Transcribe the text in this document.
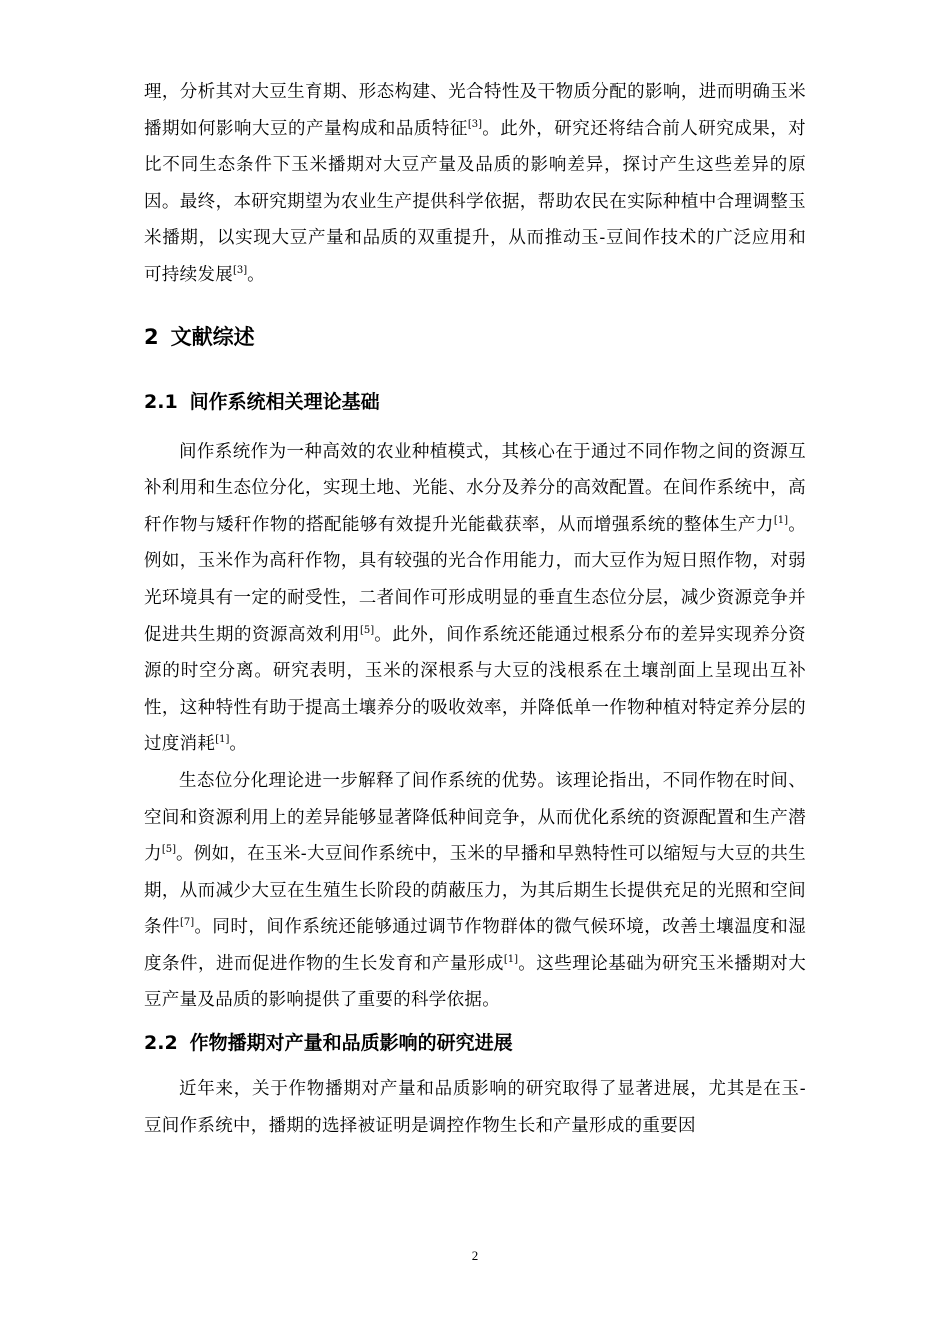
理，分析其对大豆生育期、形态构建、光合特性及干物质分配的影响，进而明确玉米播期如何影响大豆的产量构成和品质特征[3]。此外，研究还将结合前人研究成果，对比不同生态条件下玉米播期对大豆产量及品质的影响差异，探讨产生这些差异的原因。最终，本研究期望为农业生产提供科学依据，帮助农民在实际种植中合理调整玉米播期，以实现大豆产量和品质的双重提升，从而推动玉-豆间作技术的广泛应用和可持续发展[3]。

2 文献综述
2.1 间作系统相关理论基础

间作系统作为一种高效的农业种植模式，其核心在于通过不同作物之间的资源互补利用和生态位分化，实现土地、光能、水分及养分的高效配置。在间作系统中，高秆作物与矮秆作物的搭配能够有效提升光能截获率，从而增强系统的整体生产力[1]。例如，玉米作为高秆作物，具有较强的光合作用能力，而大豆作为短日照作物，对弱光环境具有一定的耐受性，二者间作可形成明显的垂直生态位分层，减少资源竞争并促进共生期的资源高效利用[5]。此外，间作系统还能通过根系分布的差异实现养分资源的时空分离。研究表明，玉米的深根系与大豆的浅根系在土壤剖面上呈现出互补性，这种特性有助于提高土壤养分的吸收效率，并降低单一作物种植对特定养分层的过度消耗[1]。

生态位分化理论进一步解释了间作系统的优势。该理论指出，不同作物在时间、空间和资源利用上的差异能够显著降低种间竞争，从而优化系统的资源配置和生产潜力[5]。例如，在玉米-大豆间作系统中，玉米的早播和早熟特性可以缩短与大豆的共生期，从而减少大豆在生殖生长阶段的荫蔽压力，为其后期生长提供充足的光照和空间条件[7]。同时，间作系统还能够通过调节作物群体的微气候环境，改善土壤温度和湿度条件，进而促进作物的生长发育和产量形成[1]。这些理论基础为研究玉米播期对大豆产量及品质的影响提供了重要的科学依据。

2.2 作物播期对产量和品质影响的研究进展

近年来，关于作物播期对产量和品质影响的研究取得了显著进展，尤其是在玉-豆间作系统中，播期的选择被证明是调控作物生长和产量形成的重要因

2
